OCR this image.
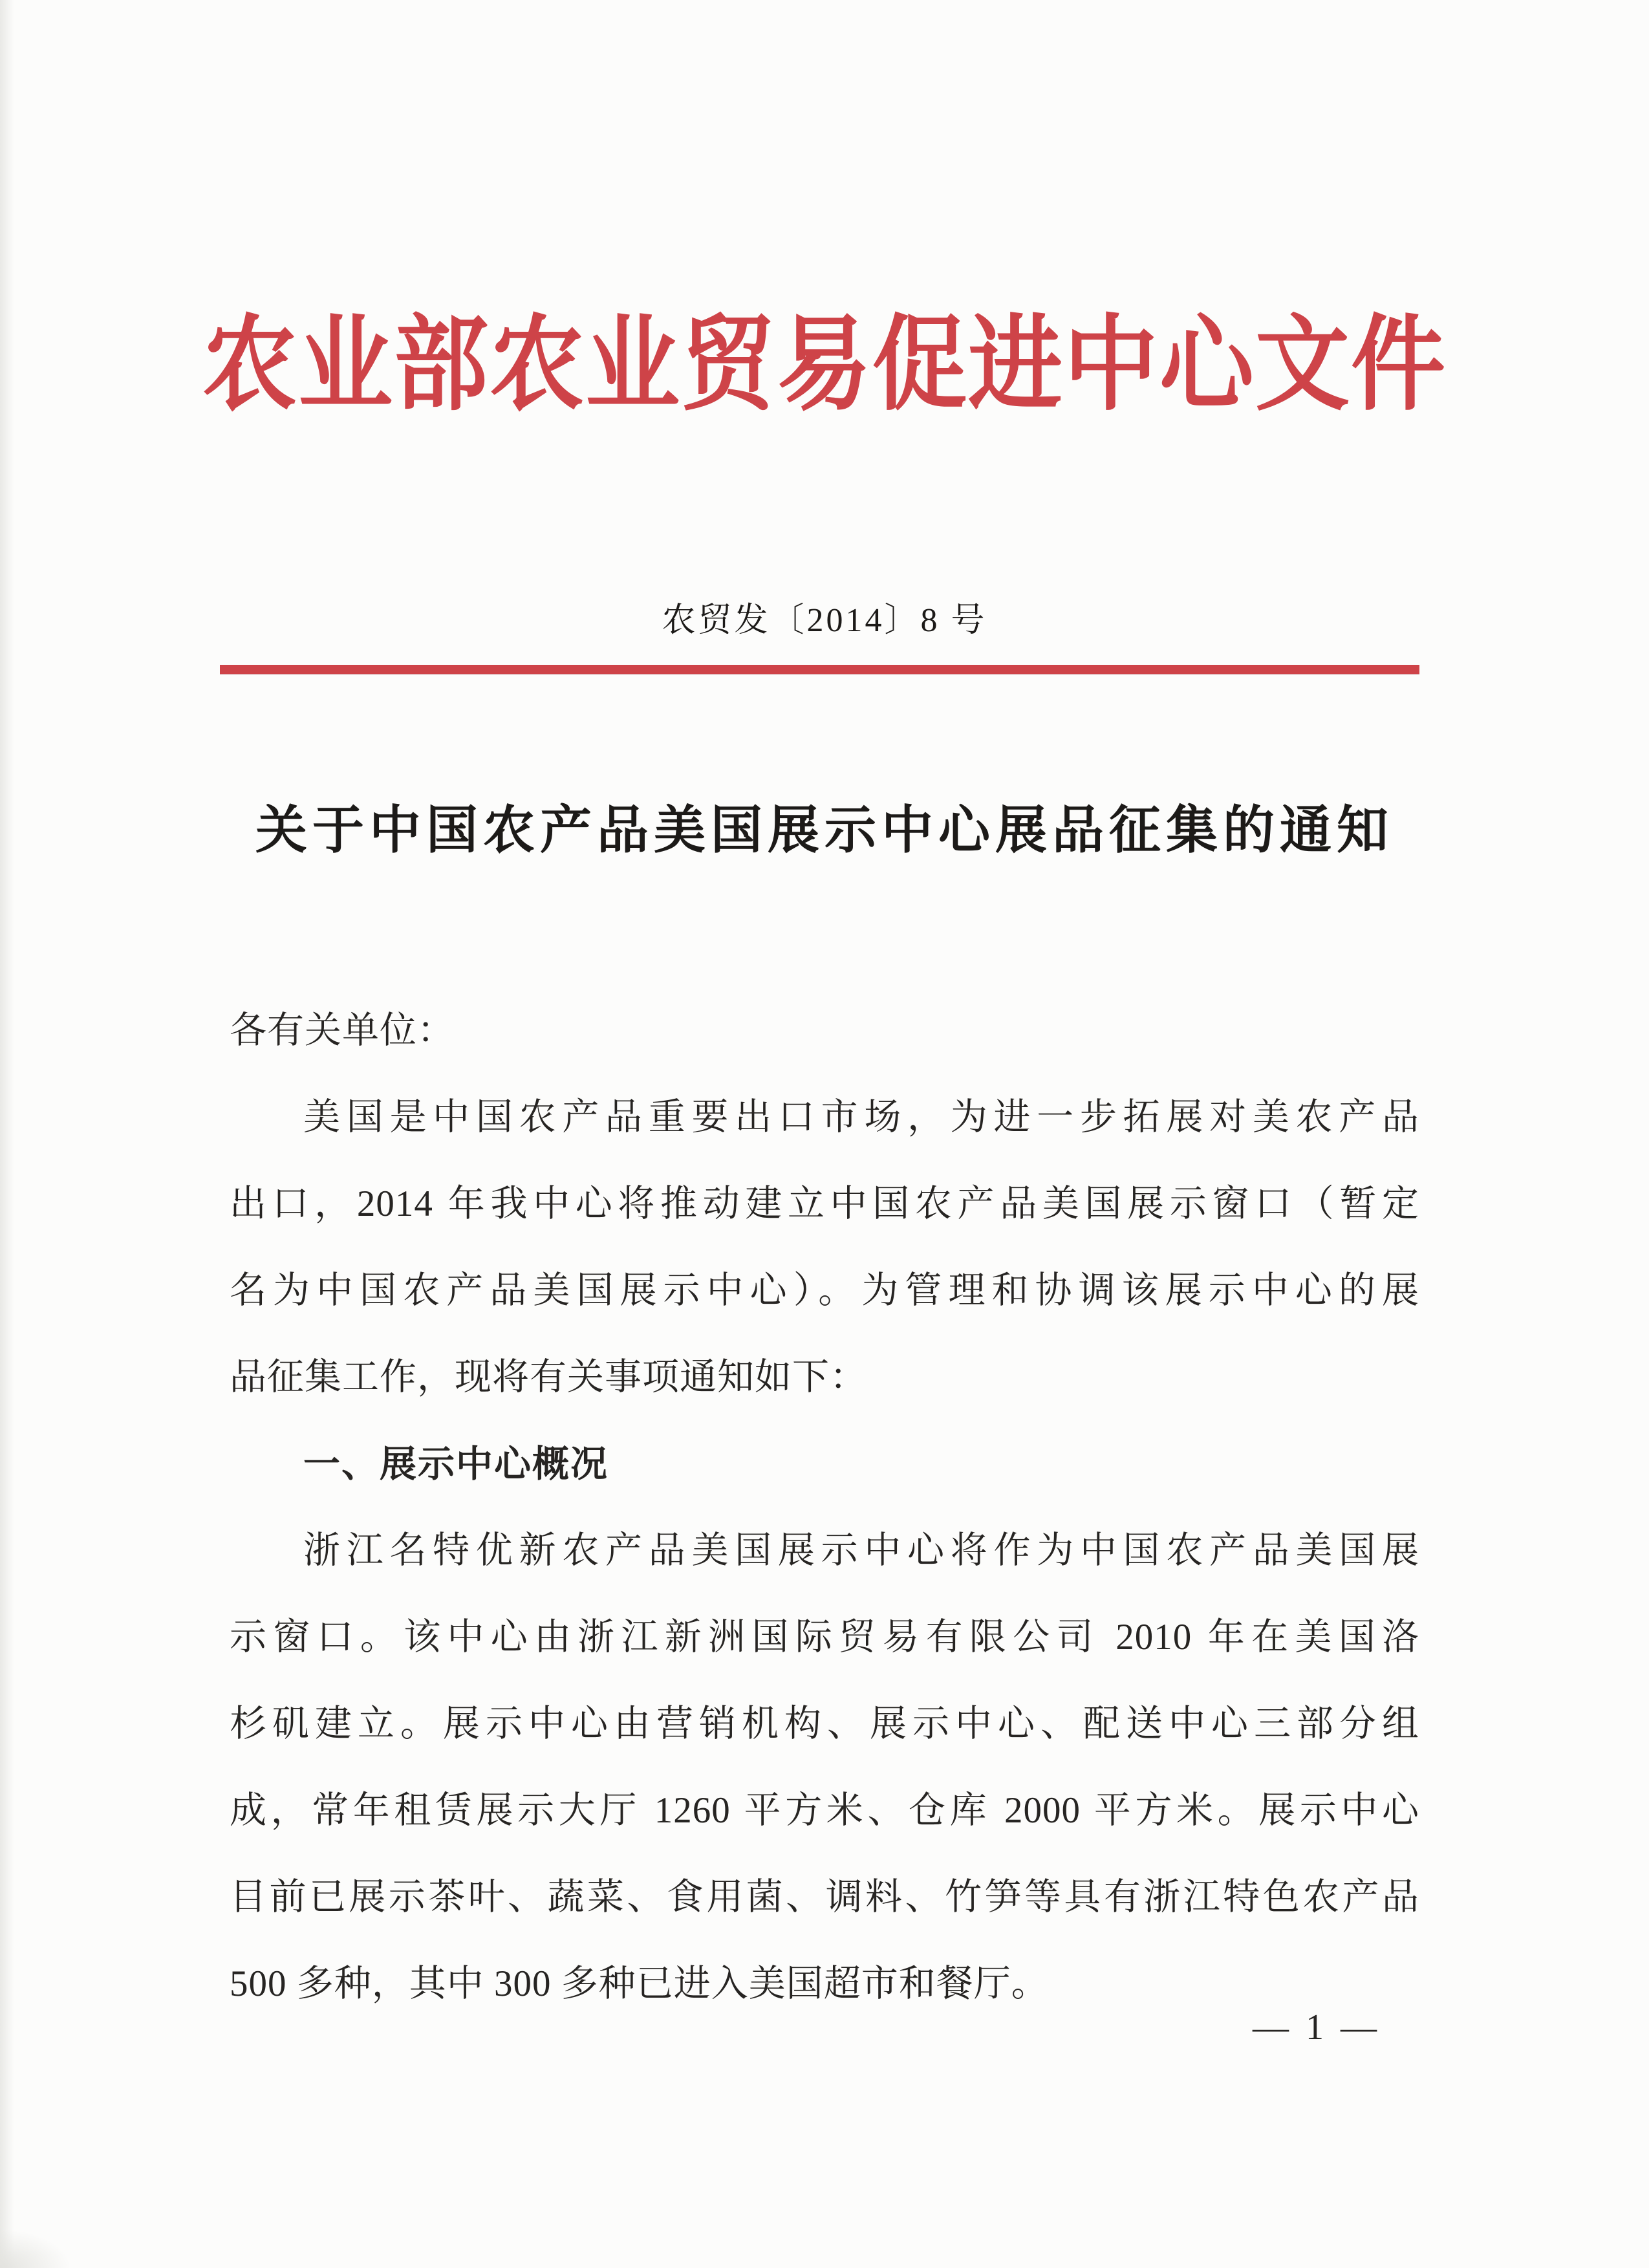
农业部农业贸易促进中心文件
农贸发〔2014〕8 号
关于中国农产品美国展示中心展品征集的通知
各有关单位：
美国是中国农产品重要出口市场，为进一步拓展对美农产品
出口，2014 年我中心将推动建立中国农产品美国展示窗口（暂定
名为中国农产品美国展示中心）。为管理和协调该展示中心的展
品征集工作，现将有关事项通知如下：
一、展示中心概况
浙江名特优新农产品美国展示中心将作为中国农产品美国展
示窗口。该中心由浙江新洲国际贸易有限公司 2010 年在美国洛
杉矶建立。展示中心由营销机构、展示中心、配送中心三部分组
成，常年租赁展示大厅 1260 平方米、仓库 2000 平方米。展示中心
目前已展示茶叶、蔬菜、食用菌、调料、竹笋等具有浙江特色农产品
500 多种，其中 300 多种已进入美国超市和餐厅。
— 1 —
